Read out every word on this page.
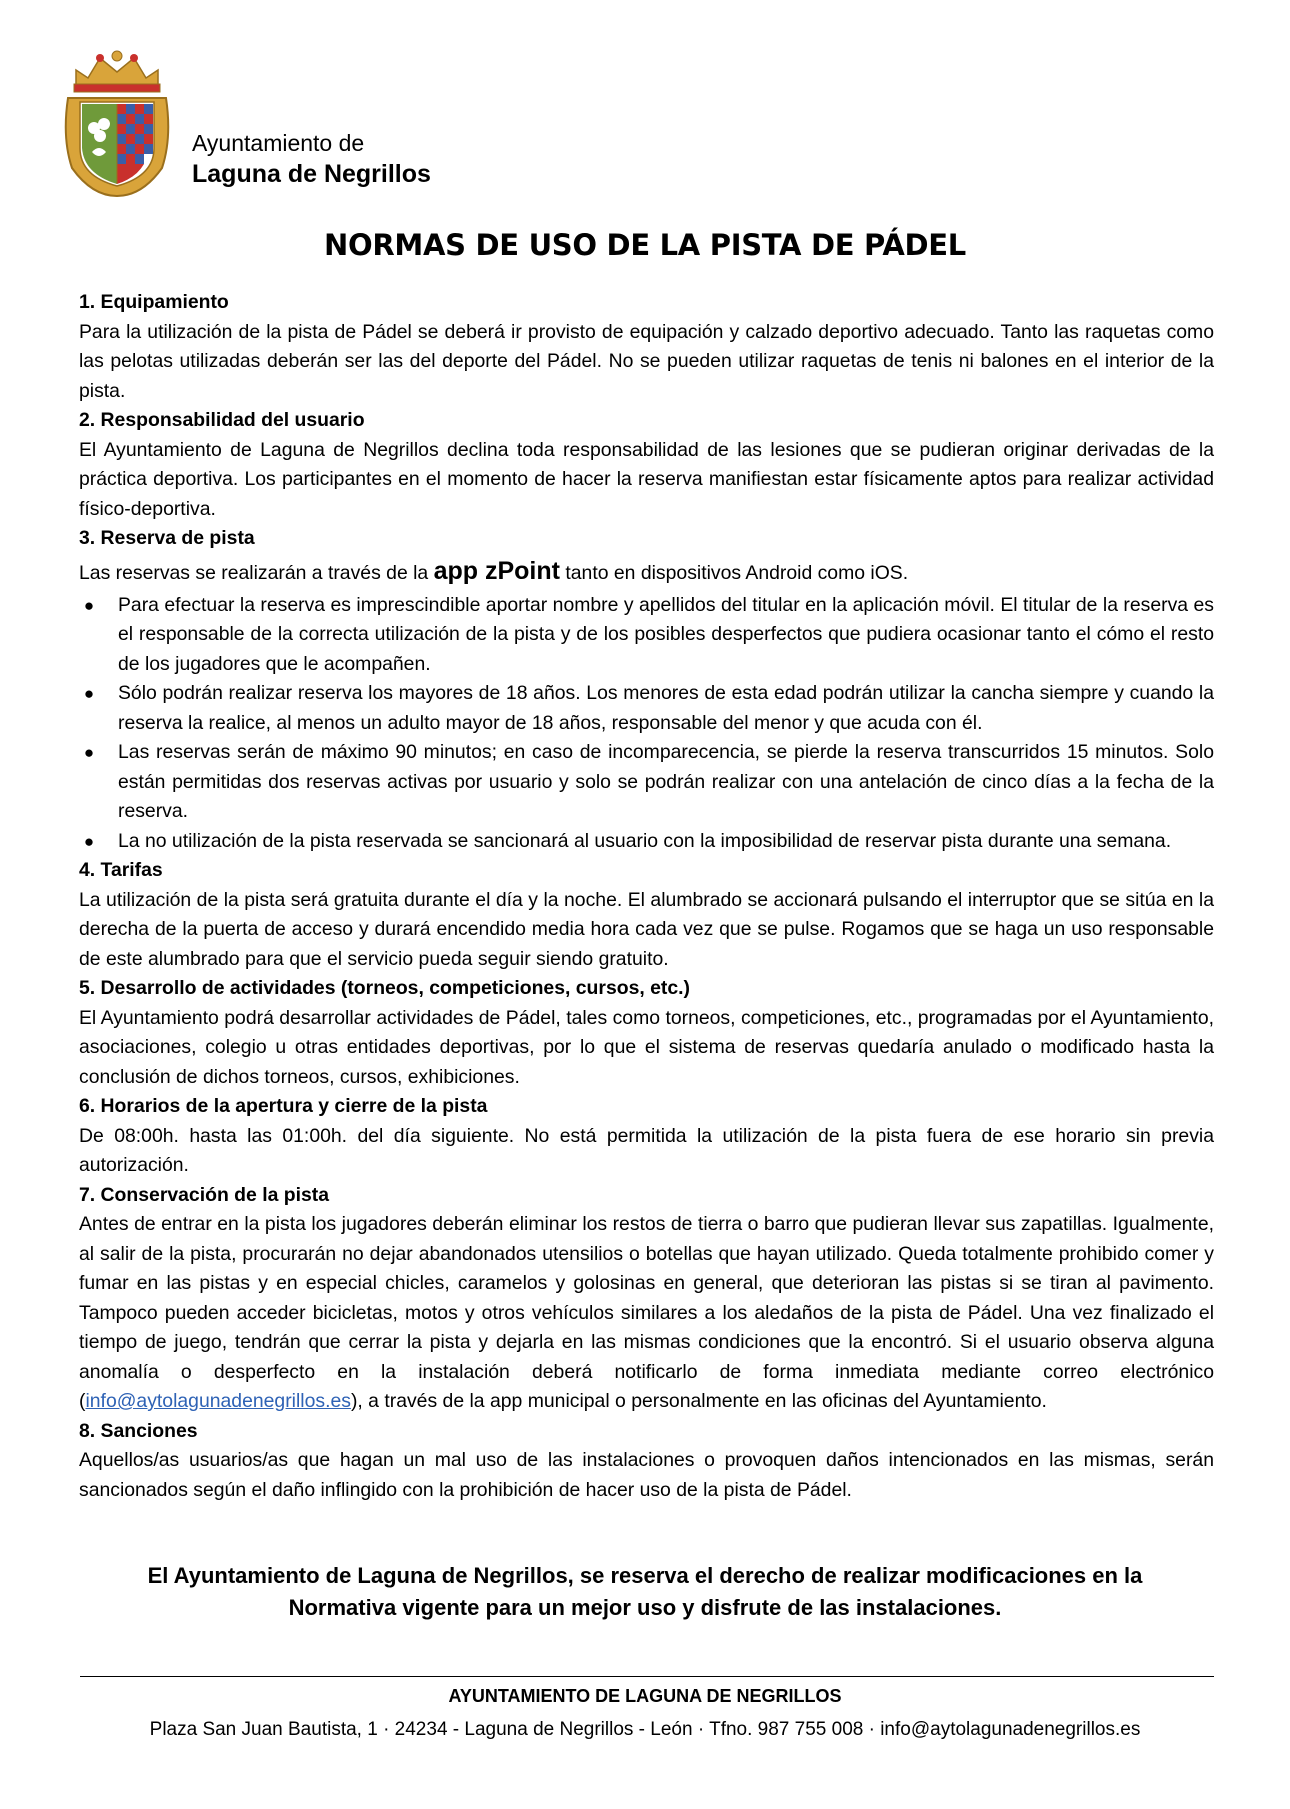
Ayuntamiento de
Laguna de Negrillos
NORMAS DE USO DE LA PISTA DE PÁDEL

1. Equipamiento

Para la utilización de la pista de Pádel se deberá ir provisto de equipación y calzado deportivo adecuado. Tanto las raquetas como las pelotas utilizadas deberán ser las del deporte del Pádel. No se pueden utilizar raquetas de tenis ni balones en el interior de la pista.

2. Responsabilidad del usuario

El Ayuntamiento de Laguna de Negrillos declina toda responsabilidad de las lesiones que se pudieran originar derivadas de la práctica deportiva. Los participantes en el momento de hacer la reserva manifiestan estar físicamente aptos para realizar actividad físico-deportiva.

3. Reserva de pista

Las reservas se realizarán a través de la app zPoint tanto en dispositivos Android como iOS.

● Para efectuar la reserva es imprescindible aportar nombre y apellidos del titular en la aplicación móvil. El titular de la reserva es el responsable de la correcta utilización de la pista y de los posibles desperfectos que pudiera ocasionar tanto el cómo el resto de los jugadores que le acompañen.
● Sólo podrán realizar reserva los mayores de 18 años. Los menores de esta edad podrán utilizar la cancha siempre y cuando la reserva la realice, al menos un adulto mayor de 18 años, responsable del menor y que acuda con él.
● Las reservas serán de máximo 90 minutos; en caso de incomparecencia, se pierde la reserva transcurridos 15 minutos. Solo están permitidas dos reservas activas por usuario y solo se podrán realizar con una antelación de cinco días a la fecha de la reserva.
● La no utilización de la pista reservada se sancionará al usuario con la imposibilidad de reservar pista durante una semana.

4. Tarifas

La utilización de la pista será gratuita durante el día y la noche. El alumbrado se accionará pulsando el interruptor que se sitúa en la derecha de la puerta de acceso y durará encendido media hora cada vez que se pulse. Rogamos que se haga un uso responsable de este alumbrado para que el servicio pueda seguir siendo gratuito.

5. Desarrollo de actividades (torneos, competiciones, cursos, etc.)

El Ayuntamiento podrá desarrollar actividades de Pádel, tales como torneos, competiciones, etc., programadas por el Ayuntamiento, asociaciones, colegio u otras entidades deportivas, por lo que el sistema de reservas quedaría anulado o modificado hasta la conclusión de dichos torneos, cursos, exhibiciones.

6. Horarios de la apertura y cierre de la pista

De 08:00h. hasta las 01:00h. del día siguiente. No está permitida la utilización de la pista fuera de ese horario sin previa autorización.

7. Conservación de la pista

Antes de entrar en la pista los jugadores deberán eliminar los restos de tierra o barro que pudieran llevar sus zapatillas. Igualmente, al salir de la pista, procurarán no dejar abandonados utensilios o botellas que hayan utilizado. Queda totalmente prohibido comer y fumar en las pistas y en especial chicles, caramelos y golosinas en general, que deterioran las pistas si se tiran al pavimento. Tampoco pueden acceder bicicletas, motos y otros vehículos similares a los aledaños de la pista de Pádel. Una vez finalizado el tiempo de juego, tendrán que cerrar la pista y dejarla en las mismas condiciones que la encontró. Si el usuario observa alguna anomalía o desperfecto en la instalación deberá notificarlo de forma inmediata mediante correo electrónico (info@aytolagunadenegrillos.es), a través de la app municipal o personalmente en las oficinas del Ayuntamiento.

8. Sanciones

Aquellos/as usuarios/as que hagan un mal uso de las instalaciones o provoquen daños intencionados en las mismas, serán sancionados según el daño inflingido con la prohibición de hacer uso de la pista de Pádel.

El Ayuntamiento de Laguna de Negrillos, se reserva el derecho de realizar modificaciones en la Normativa vigente para un mejor uso y disfrute de las instalaciones.
AYUNTAMIENTO DE LAGUNA DE NEGRILLOS
Plaza San Juan Bautista, 1 · 24234 - Laguna de Negrillos - León · Tfno. 987 755 008 · info@aytolagunadenegrillos.es
